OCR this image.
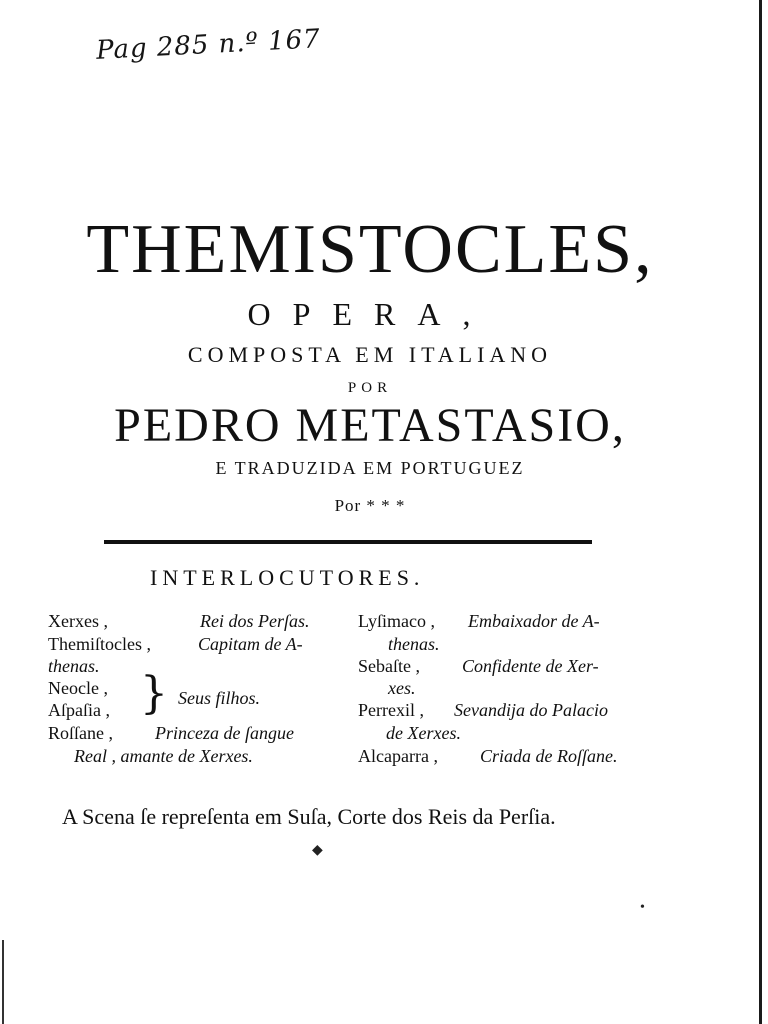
Pag 285 n.º 167
THEMISTOCLES,
OPERA,
COMPOSTA EM ITALIANO
POR
PEDRO METASTASIO,
E TRADUZIDA EM PORTUGUEZ
Por * * *
INTERLOCUTORES.
Xerxes ,	Rei dos Perſas.
Themiſtocles ,	Capitam de A-
thenas.
Neocle ,
Aſpaſia , } Seus filhos.
Roſſane , Princeza de ſangue
Real , amante de Xerxes.
Lyſimaco , Embaixador de A-
thenas.
Sebaſte , Confidente de Xer-
xes.
Perrexil , Sevandija do Palacio
de Xerxes.
Alcaparra , Criada de Roſſane.
A Scena ſe repreſenta em Suſa, Corte dos Reis da Perſia.
◆
•
